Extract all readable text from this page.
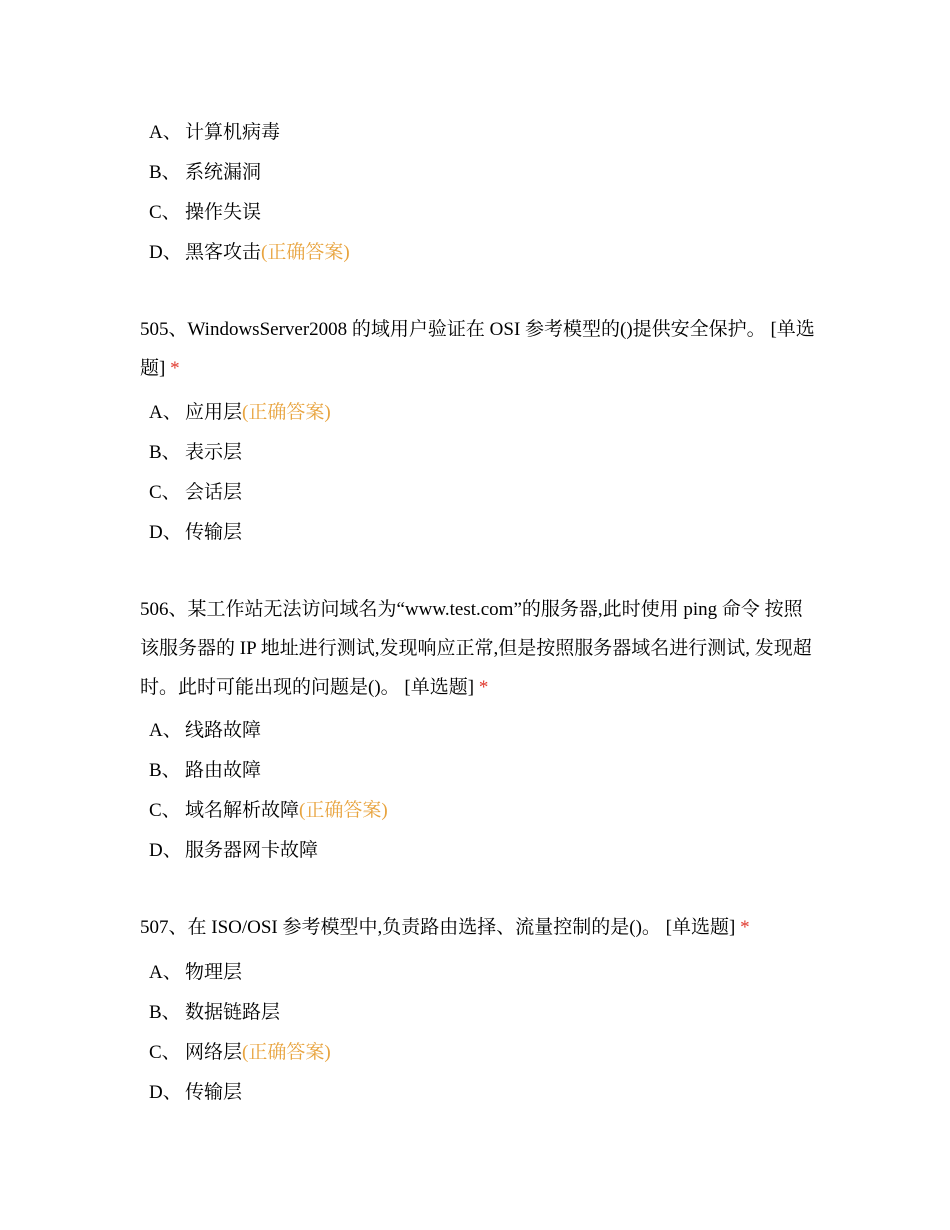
A、 计算机病毒
B、 系统漏洞
C、 操作失误
D、 黑客攻击(正确答案)
505、WindowsServer2008 的域用户验证在 OSI 参考模型的()提供安全保护。 [单选题] *
A、 应用层(正确答案)
B、 表示层
C、 会话层
D、 传输层
506、某工作站无法访问域名为“www.test.com”的服务器,此时使用 ping 命令 按照该服务器的 IP 地址进行测试,发现响应正常,但是按照服务器域名进行测试, 发现超时。此时可能出现的问题是()。 [单选题] *
A、 线路故障
B、 路由故障
C、 域名解析故障(正确答案)
D、 服务器网卡故障
507、在 ISO/OSI 参考模型中,负责路由选择、流量控制的是()。 [单选题] *
A、 物理层
B、 数据链路层
C、 网络层(正确答案)
D、 传输层
